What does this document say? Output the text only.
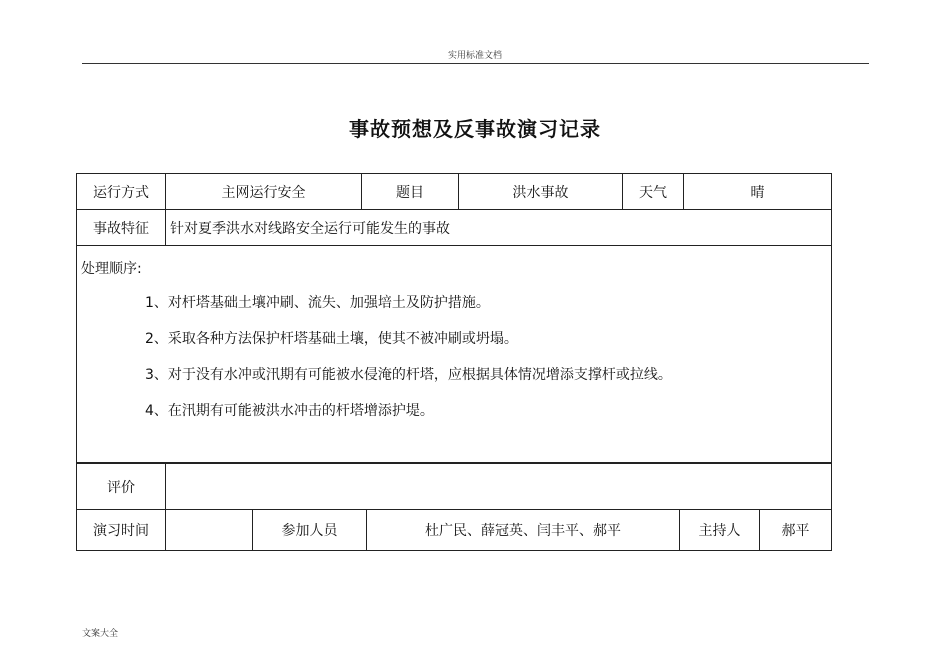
实用标准文档
事故预想及反事故演习记录
运行方式	主网运行安全	题目	洪水事故	天气	晴
事故特征	针对夏季洪水对线路安全运行可能发生的事故				

处理顺序:
1、对杆塔基础土壤冲刷、流失、加强培土及防护措施。
2、采取各种方法保护杆塔基础土壤，使其不被冲刷或坍塌。
3、对于没有水冲或汛期有可能被水侵淹的杆塔，应根据具体情况增添支撑杆或拉线。
4、在汛期有可能被洪水冲击的杆塔增添护堤。
评价					
演习时间		参加人员	杜广民、薛冠英、闫丰平、郝平	主持人	郝平
文案大全
